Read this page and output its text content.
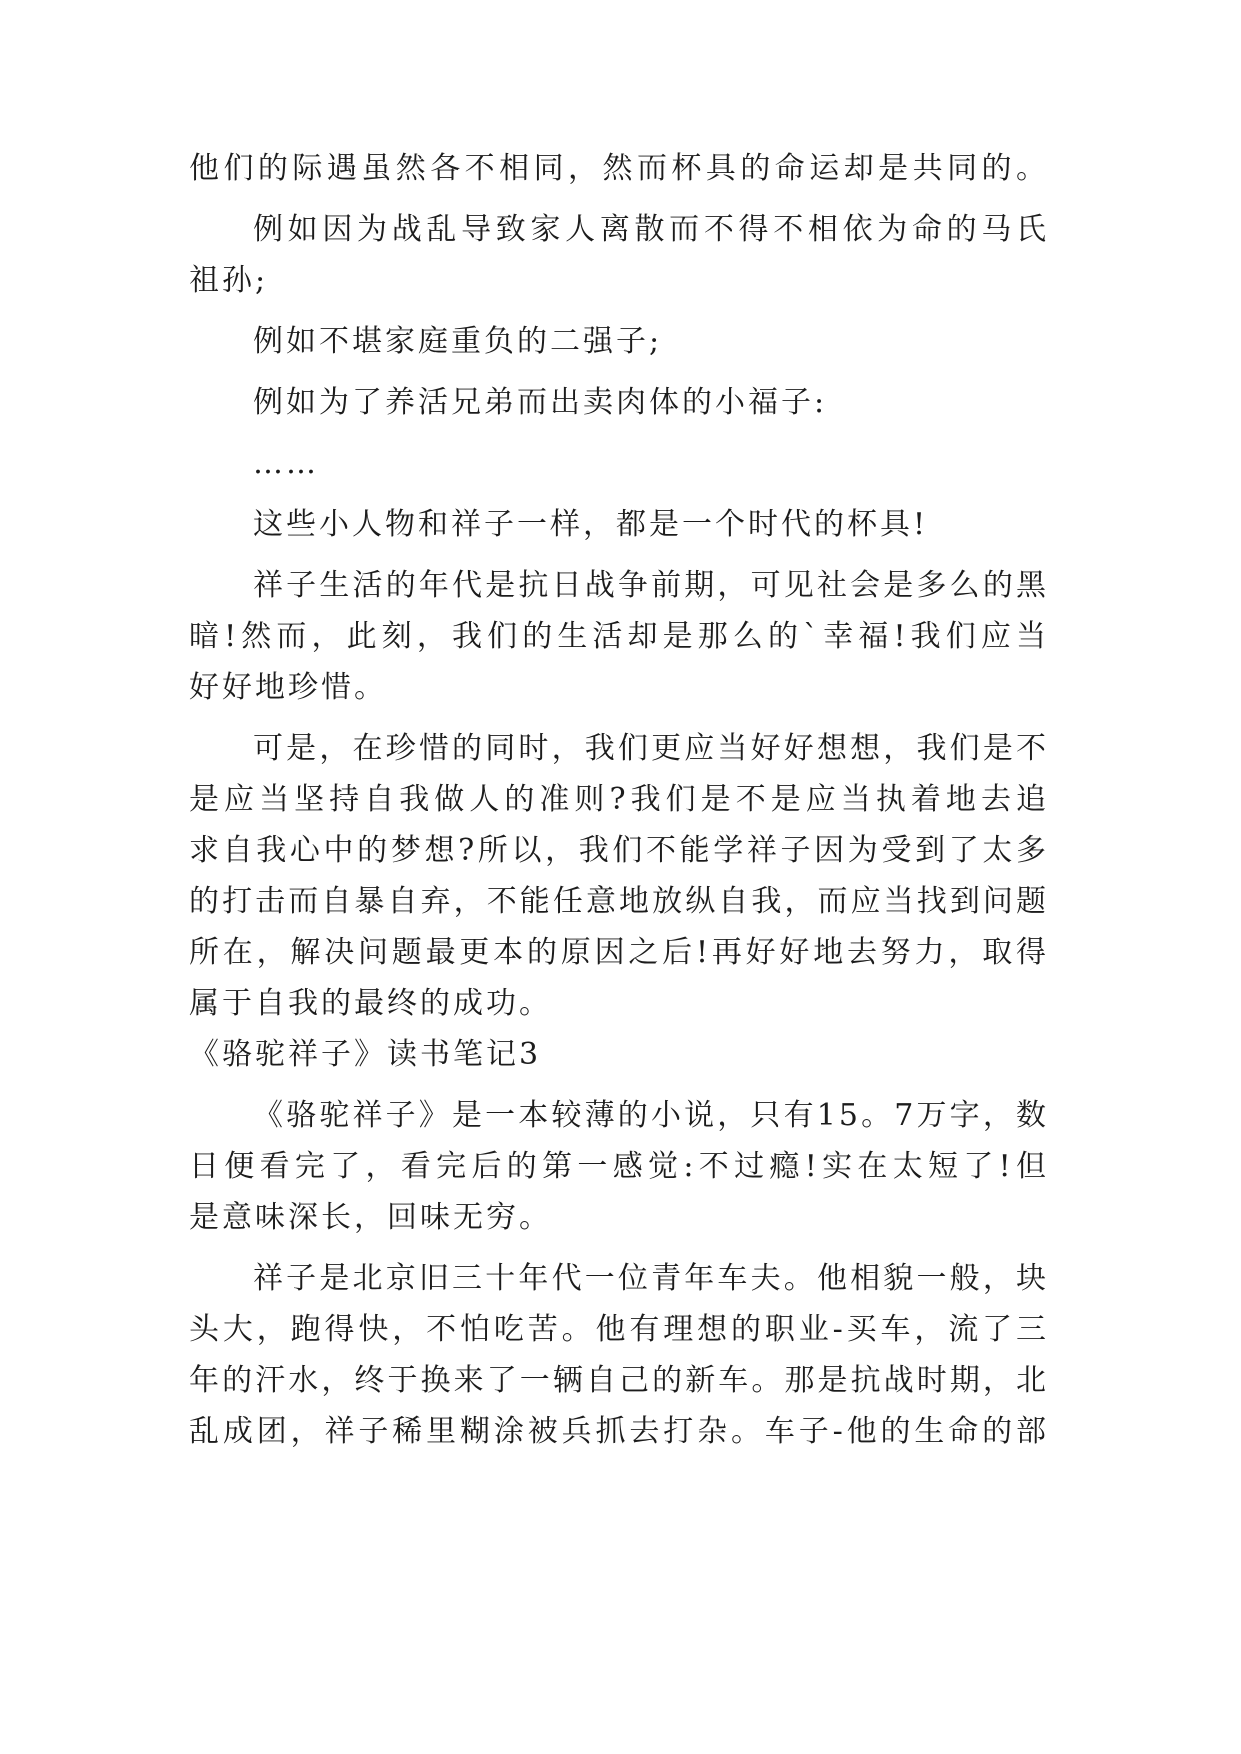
他们的际遇虽然各不相同，然而杯具的命运却是共同的。
例如因为战乱导致家人离散而不得不相依为命的马氏
祖孙;
例如不堪家庭重负的二强子;
例如为了养活兄弟而出卖肉体的小福子:
……
这些小人物和祥子一样，都是一个时代的杯具!
祥子生活的年代是抗日战争前期，可见社会是多么的黑
暗!然而，此刻，我们的生活却是那么的`幸福!我们应当
好好地珍惜。
可是，在珍惜的同时，我们更应当好好想想，我们是不
是应当坚持自我做人的准则?我们是不是应当执着地去追
求自我心中的梦想?所以，我们不能学祥子因为受到了太多
的打击而自暴自弃，不能任意地放纵自我，而应当找到问题
所在，解决问题最更本的原因之后!再好好地去努力，取得
属于自我的最终的成功。
《骆驼祥子》读书笔记3
《骆驼祥子》是一本较薄的小说，只有15。7万字，数
日便看完了，看完后的第一感觉:不过瘾!实在太短了!但
是意味深长，回味无穷。
祥子是北京旧三十年代一位青年车夫。他相貌一般，块
头大，跑得快，不怕吃苦。他有理想的职业-买车，流了三
年的汗水，终于换来了一辆自己的新车。那是抗战时期，北
乱成团，祥子稀里糊涂被兵抓去打杂。车子-他的生命的部
